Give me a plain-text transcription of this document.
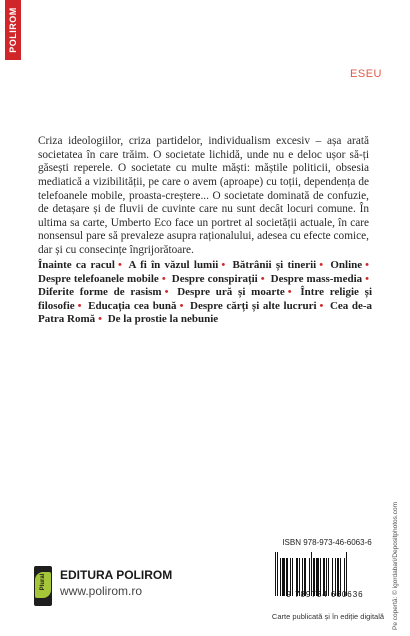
POLIROM
ESEU

Criza ideologiilor, criza partidelor, individualism excesiv – așa arată societatea în care trăim. O societate lichidă, unde nu e deloc ușor să-ți găsești reperele. O societate cu multe măști: măștile politicii, obsesia mediatică a vizibilității, pe care o avem (aproape) cu toții, dependența de telefoanele mobile, proasta-creștere... O societate dominată de confuzie, de detașare și de fluvii de cuvinte care nu sunt decât locuri comune. În ultima sa carte, Umberto Eco face un portret al societății actuale, în care nonsensul pare să prevaleze asupra raționalului, adesea cu efecte comice, dar și cu consecințe îngrijorătoare.

Înainte ca racul • A fi în văzul lumii • Bătrânii și tinerii • Online • Despre telefoanele mobile • Despre conspirații • Despre mass-media • Diferite forme de rasism • Despre ură și moarte • Între religie și filosofie • Educația cea bună • Despre cărți și alte lucruri • Cea de-a Patra Romă • De la prostie la nebunie
Plural EDITURA POLIROM
www.polirom.ro
ISBN 978-973-46-6063-6
9 789734 660636
Carte publicată și în ediție digitală	Pe copertă: © igordabari/Depositphotos.com
